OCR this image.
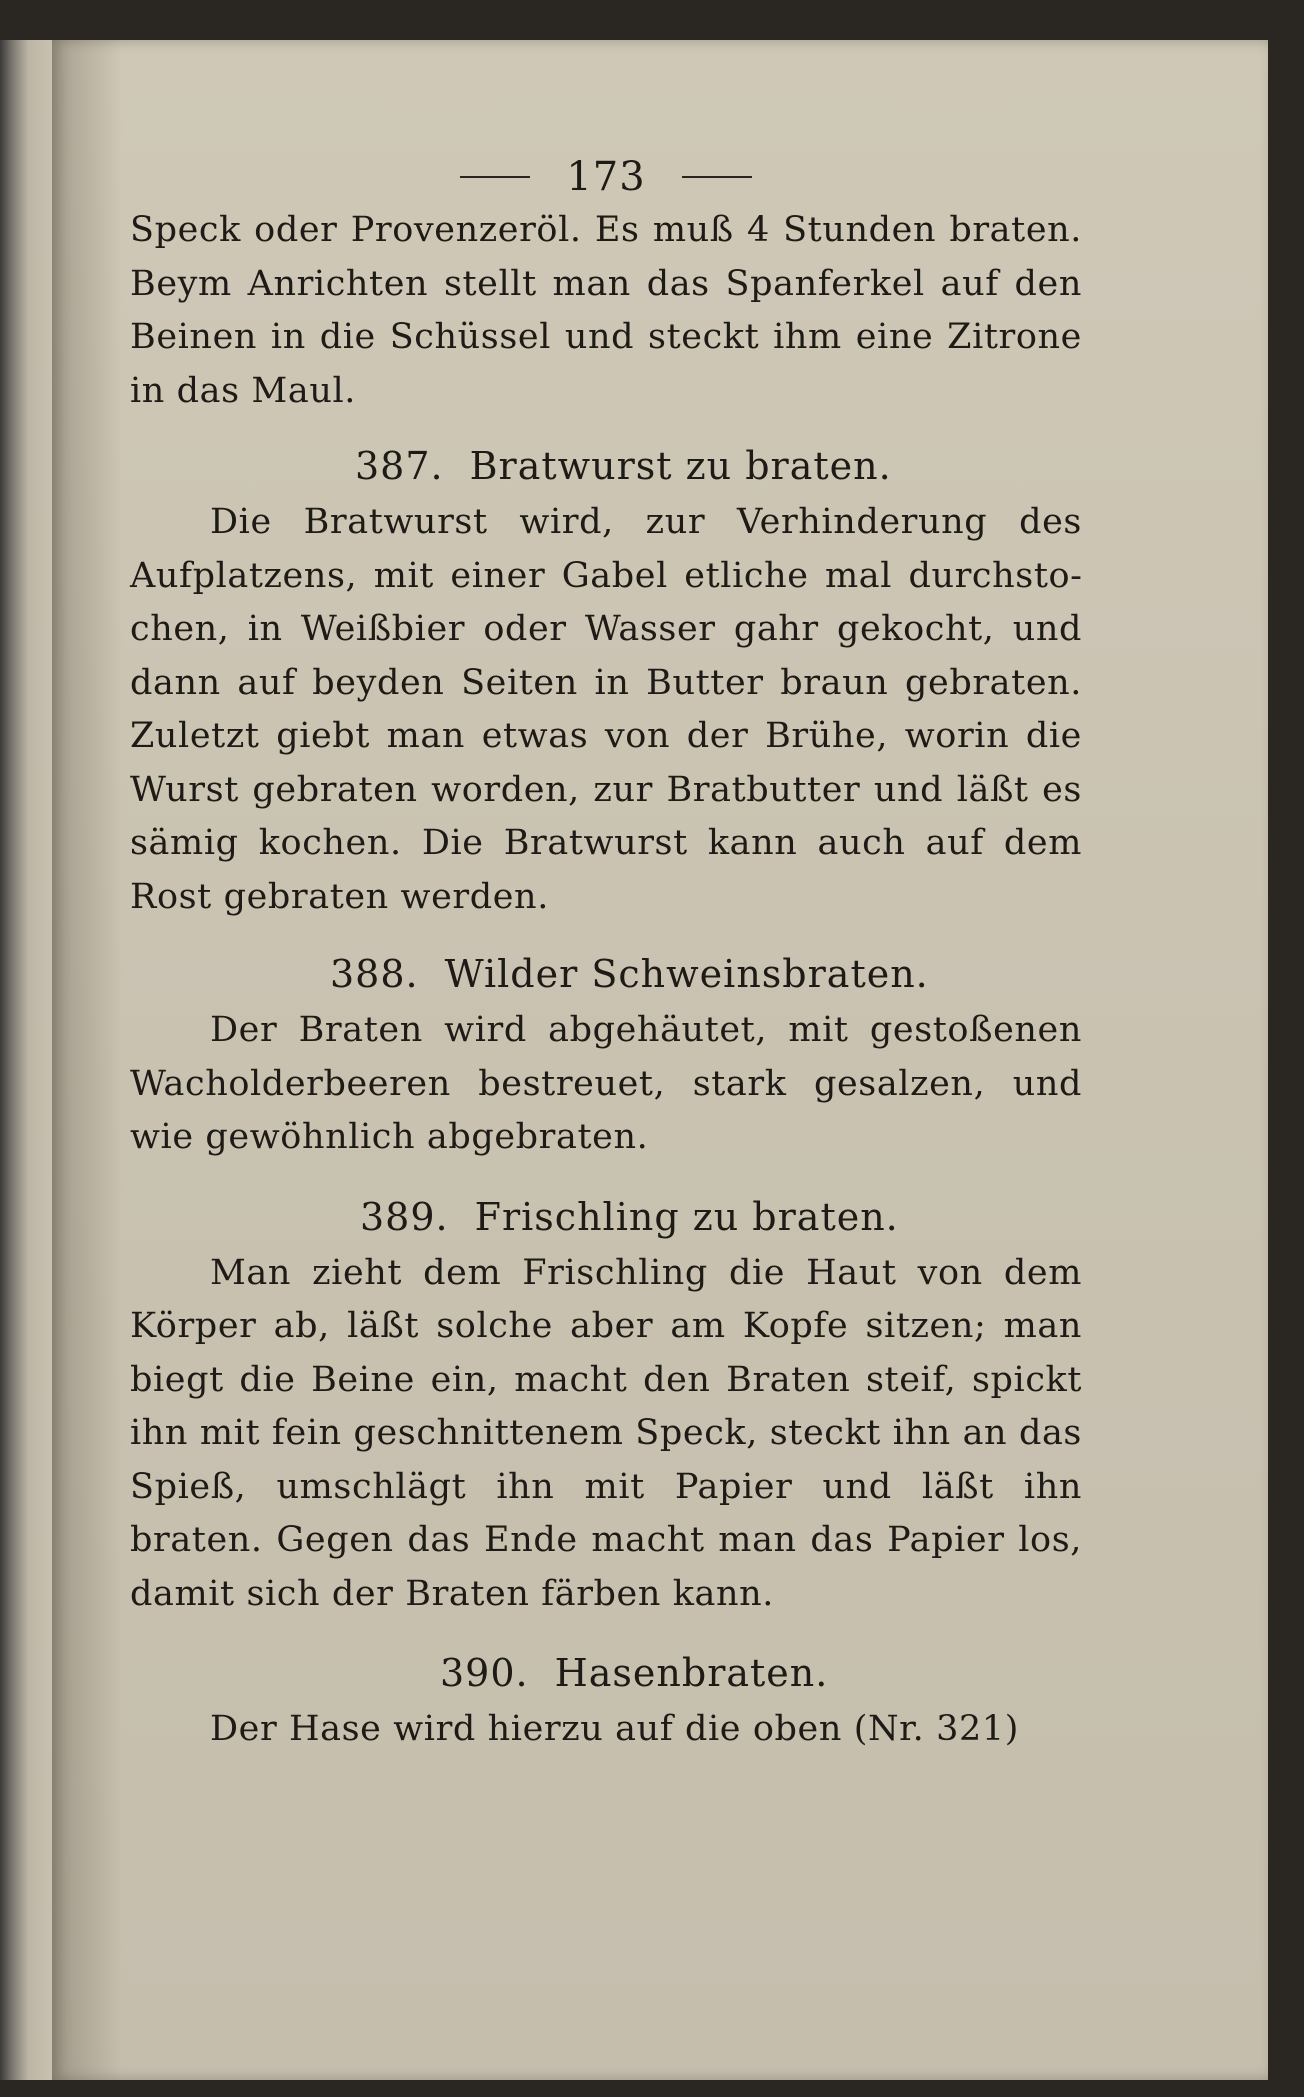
173

Speck oder Provenzeröl. Es muß 4 Stunden braten. Beym Anrichten stellt man das Spanferkel auf den Beinen in die Schüssel und steckt ihm eine Zitrone in das Maul.

387. Bratwurst zu braten.

Die Bratwurst wird, zur Verhinderung des Aufplatzens, mit einer Gabel etliche mal durchstochen, in Weißbier oder Wasser gahr gekocht, und dann auf beyden Seiten in Butter braun gebraten. Zuletzt giebt man etwas von der Brühe, worin die Wurst gebraten worden, zur Bratbutter und läßt es sämig kochen. Die Bratwurst kann auch auf dem Rost gebraten werden.

388. Wilder Schweinsbraten.

Der Braten wird abgehäutet, mit gestoßenen Wacholderbeeren bestreuet, stark gesalzen, und wie gewöhnlich abgebraten.

389. Frischling zu braten.

Man zieht dem Frischling die Haut von dem Körper ab, läßt solche aber am Kopfe sitzen; man biegt die Beine ein, macht den Braten steif, spickt ihn mit fein geschnittenem Speck, steckt ihn an das Spieß, umschlägt ihn mit Papier und läßt ihn braten. Gegen das Ende macht man das Papier los, damit sich der Braten färben kann.

390. Hasenbraten.

Der Hase wird hierzu auf die oben (Nr. 321)
